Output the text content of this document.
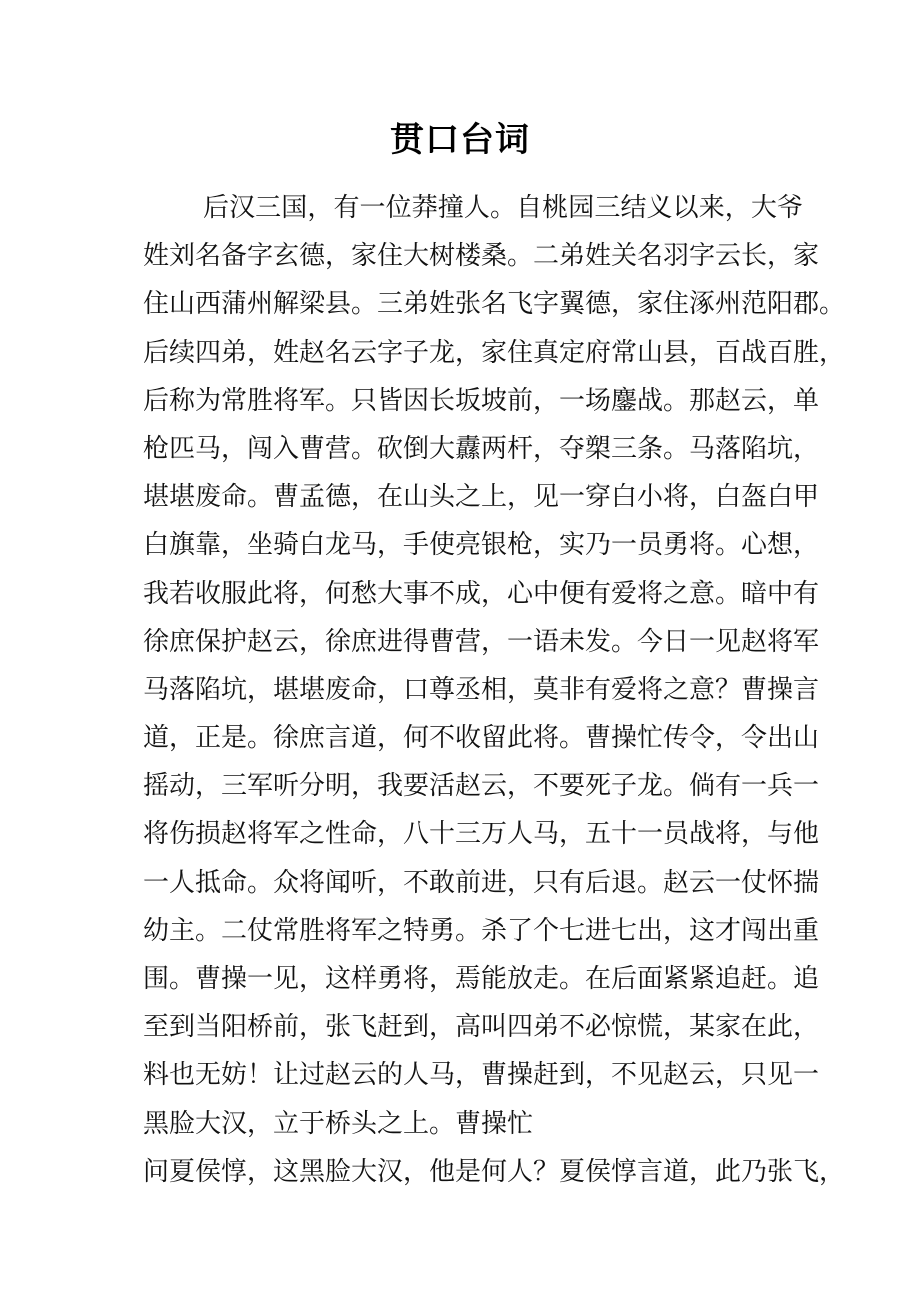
贯口台词
后汉三国，有一位莽撞人。自桃园三结义以来，大爷
姓刘名备字玄德，家住大树楼桑。二弟姓关名羽字云长，家
住山西蒲州解梁县。三弟姓张名飞字翼德，家住涿州范阳郡。
后续四弟，姓赵名云字子龙，家住真定府常山县，百战百胜，
后称为常胜将军。只皆因长坂坡前，一场鏖战。那赵云，单
枪匹马，闯入曹营。砍倒大纛两杆，夺槊三条。马落陷坑，
堪堪废命。曹孟德，在山头之上，见一穿白小将，白盔白甲
白旗靠，坐骑白龙马，手使亮银枪，实乃一员勇将。心想，
我若收服此将，何愁大事不成，心中便有爱将之意。暗中有
徐庶保护赵云，徐庶进得曹营，一语未发。今日一见赵将军
马落陷坑，堪堪废命，口尊丞相，莫非有爱将之意？曹操言
道，正是。徐庶言道，何不收留此将。曹操忙传令，令出山
摇动，三军听分明，我要活赵云，不要死子龙。倘有一兵一
将伤损赵将军之性命，八十三万人马，五十一员战将，与他
一人抵命。众将闻听，不敢前进，只有后退。赵云一仗怀揣
幼主。二仗常胜将军之特勇。杀了个七进七出，这才闯出重
围。曹操一见，这样勇将，焉能放走。在后面紧紧追赶。追
至到当阳桥前，张飞赶到，高叫四弟不必惊慌，某家在此，
料也无妨！让过赵云的人马，曹操赶到，不见赵云，只见一
黑脸大汉，立于桥头之上。曹操忙
问夏侯惇，这黑脸大汉，他是何人？夏侯惇言道，此乃张飞，
